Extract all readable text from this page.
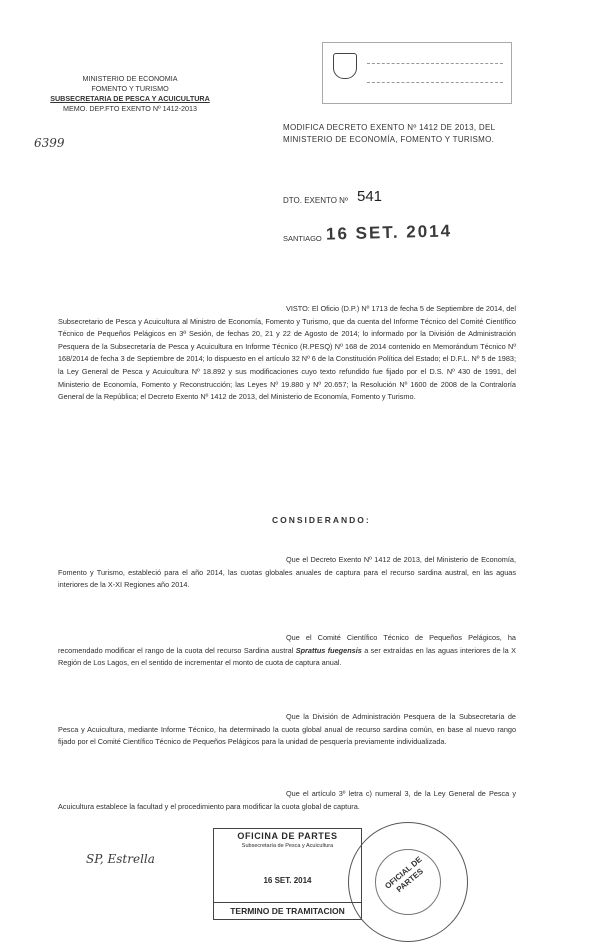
MINISTERIO DE ECONOMIA
FOMENTO Y TURISMO
SUBSECRETARIA DE PESCA Y ACUICULTURA
MEMO. DEP.FTO EXENTO Nº 1412-2013
6399
MODIFICA DECRETO EXENTO Nº 1412 DE 2013, DEL MINISTERIO DE ECONOMÍA, FOMENTO Y TURISMO.
DTO. EXENTO Nº 541
SANTIAGO 16 SET. 2014
VISTO: El Oficio (D.P.) Nº 1713 de fecha 5 de Septiembre de 2014, del Subsecretario de Pesca y Acuicultura al Ministro de Economía, Fomento y Turismo, que da cuenta del Informe Técnico del Comité Científico Técnico de Pequeños Pelágicos en 3ª Sesión, de fechas 20, 21 y 22 de Agosto de 2014; lo informado por la División de Administración Pesquera de la Subsecretaría de Pesca y Acuicultura en Informe Técnico (R.PESQ) Nº 168 de 2014 contenido en Memorándum Técnico Nº 168/2014 de fecha 3 de Septiembre de 2014; lo dispuesto en el artículo 32 Nº 6 de la Constitución Política del Estado; el D.F.L. Nº 5 de 1983; la Ley General de Pesca y Acuicultura Nº 18.892 y sus modificaciones cuyo texto refundido fue fijado por el D.S. Nº 430 de 1991, del Ministerio de Economía, Fomento y Reconstrucción; las Leyes Nº 19.880 y Nº 20.657; la Resolución Nº 1600 de 2008 de la Contraloría General de la República; el Decreto Exento Nº 1412 de 2013, del Ministerio de Economía, Fomento y Turismo.
CONSIDERANDO:
Que el Decreto Exento Nº 1412 de 2013, del Ministerio de Economía, Fomento y Turismo, estableció para el año 2014, las cuotas globales anuales de captura para el recurso sardina austral, en las aguas interiores de la X-XI Regiones año 2014.
Que el Comité Científico Técnico de Pequeños Pelágicos, ha recomendado modificar el rango de la cuota del recurso Sardina austral Sprattus fuegensis a ser extraídas en las aguas interiores de la X Región de Los Lagos, en el sentido de incrementar el monto de cuota de captura anual.
Que la División de Administración Pesquera de la Subsecretaría de Pesca y Acuicultura, mediante Informe Técnico, ha determinado la cuota global anual de recurso sardina común, en base al nuevo rango fijado por el Comité Científico Técnico de Pequeños Pelágicos para la unidad de pesquería previamente individualizada.
Que el artículo 3º letra c) numeral 3, de la Ley General de Pesca y Acuicultura establece la facultad y el procedimiento para modificar la cuota global de captura.
SP, Estrella
OFICINA DE PARTES
Subsecretaría de Pesca y Acuicultura
16 SET. 2014
TERMINO DE TRAMITACION
OFICIAL DE PARTES
